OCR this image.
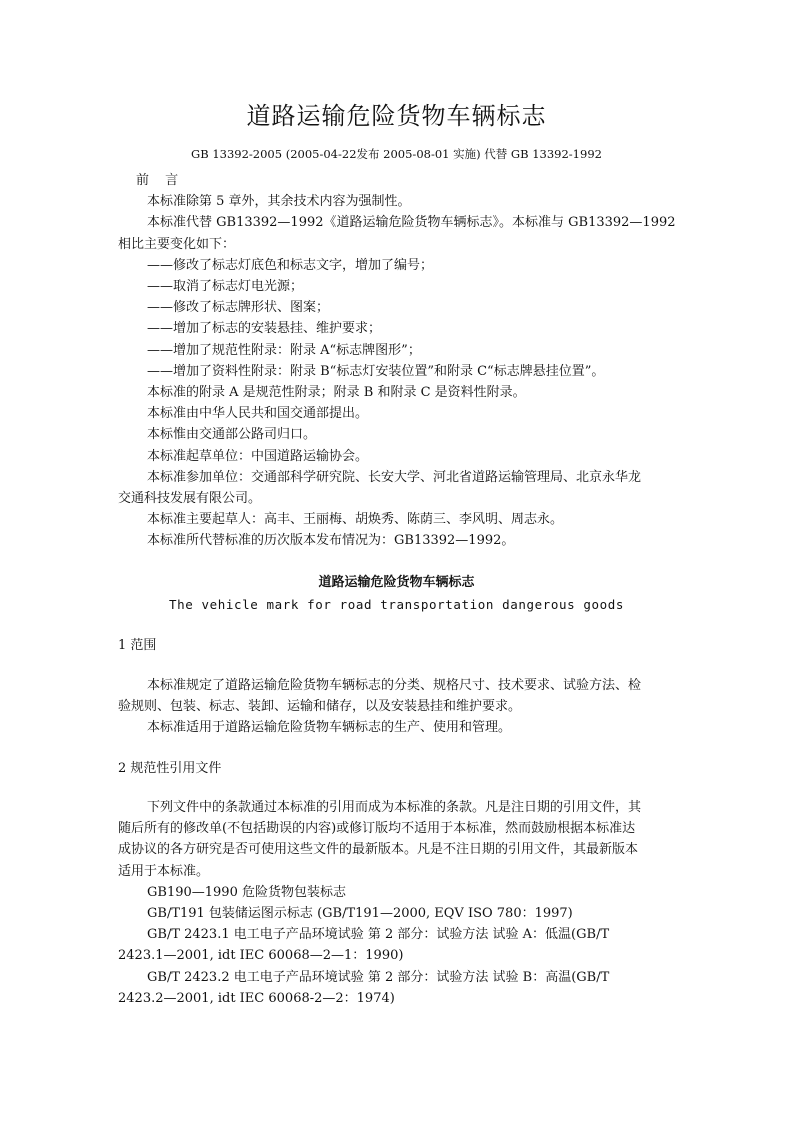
道路运输危险货物车辆标志
GB 13392-2005 (2005-04-22发布 2005-08-01 实施) 代替 GB 13392-1992

前 言

本标准除第 5 章外，其余技术内容为强制性。

本标准代替 GB13392—1992《道路运输危险货物车辆标志》。本标准与 GB13392—1992

相比主要变化如下：

——修改了标志灯底色和标志文字，增加了编号；

——取消了标志灯电光源；

——修改了标志牌形状、图案；

——增加了标志的安装悬挂、维护要求；

——增加了规范性附录：附录 A“标志牌图形”；

——增加了资料性附录：附录 B“标志灯安装位置”和附录 C“标志牌悬挂位置”。

本标准的附录 A 是规范性附录；附录 B 和附录 C 是资料性附录。

本标准由中华人民共和国交通部提出。

本标惟由交通部公路司归口。

本标准起草单位：中国道路运输协会。

本标准参加单位：交通部科学研究院、长安大学、河北省道路运输管理局、北京永华龙

交通科技发展有限公司。

本标准主要起草人：高丰、王丽梅、胡焕秀、陈荫三、李风明、周志永。

本标准所代替标准的历次版本发布情况为：GB13392—1992。

道路运输危险货物车辆标志
The vehicle mark for road transportation dangerous goods
1 范围

本标准规定了道路运输危险货物车辆标志的分类、规格尺寸、技术要求、试验方法、检

验规则、包装、标志、装卸、运输和储存，以及安装悬挂和维护要求。

本标准适用于道路运输危险货物车辆标志的生产、使用和管理。

2 规范性引用文件

下列文件中的条款通过本标准的引用而成为本标准的条款。凡是注日期的引用文件，其

随后所有的修改单(不包括勘误的内容)或修订版均不适用于本标准，然而鼓励根据本标准达

成协议的各方研究是否可使用这些文件的最新版本。凡是不注日期的引用文件，其最新版本

适用于本标准。

GB190—1990 危险货物包装标志

GB/T191 包装储运图示标志 (GB/T191—2000, EQV ISO 780：1997)

GB/T 2423.1 电工电子产品环境试验 第 2 部分：试验方法 试验 A：低温(GB/T

2423.1—2001, idt IEC 60068—2—1：1990)

GB/T 2423.2 电工电子产品环境试验 第 2 部分：试验方法 试验 B：高温(GB/T

2423.2—2001, idt IEC 60068-2—2：1974)
